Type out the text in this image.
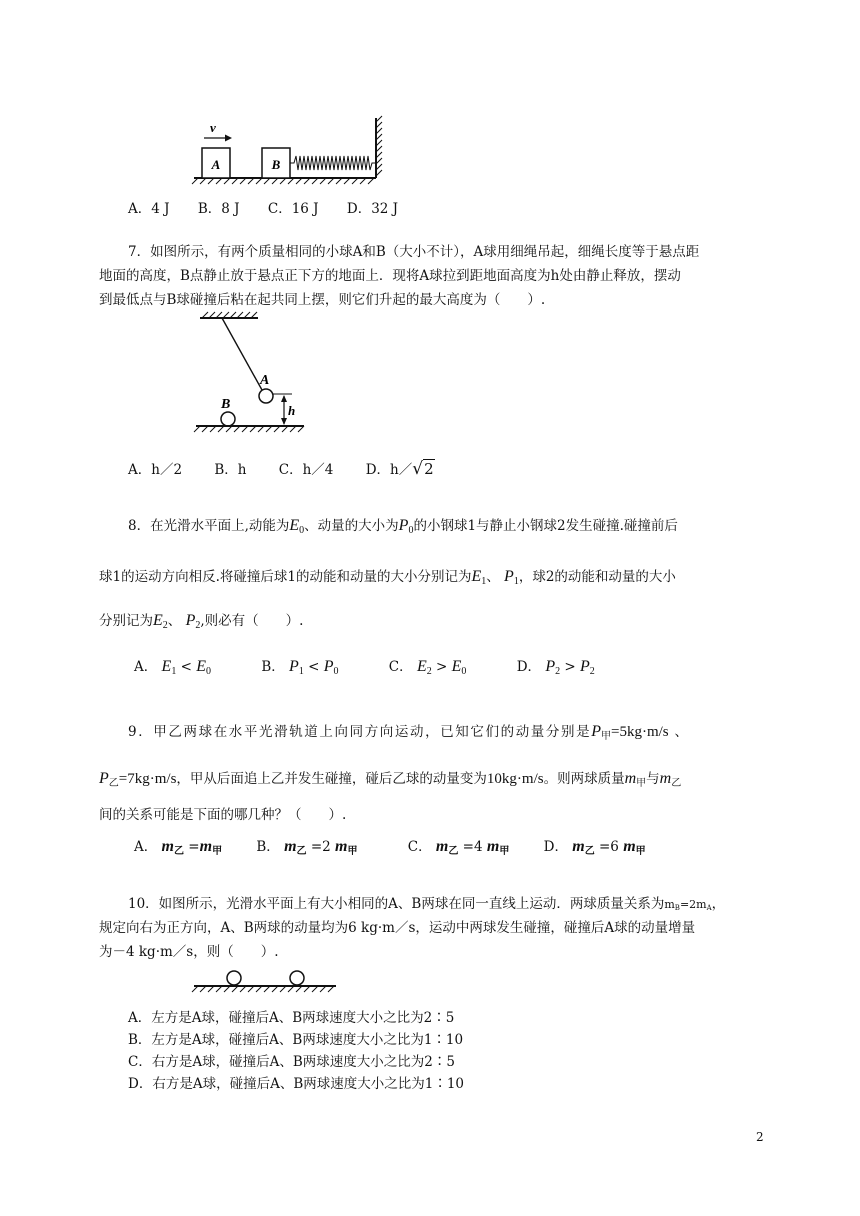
A
v
B
A．4 J B．8 J C．16 J D．32 J
7．如图所示，有两个质量相同的小球A和B（大小不计），A球用细绳吊起，细绳长度等于悬点距
地面的高度，B点静止放于悬点正下方的地面上．现将A球拉到距地面高度为h处由静止释放，摆动
到最低点与B球碰撞后粘在起共同上摆，则它们升起的最大高度为（　　）.
A
h
B
A．h／2 B．h C．h／4 D．h／√2
8．在光滑水平面上,动能为$E_0$、动量的大小为$P_0$的小钢球1与静止小钢球2发生碰撞.碰撞前后
球1的运动方向相反.将碰撞后球1的动能和动量的大小分别记为$E_1$、 $P_1$，球2的动能和动量的大小
分别记为$E_2$、 $P_2$,则必有（　　）.
A． $E_1 < E_0$	B． $P_1 < P_0$	C． $E_2 > E_0$	D． $P_2 > P_2$
9．甲乙两球在水平光滑轨道上向同方向运动，已知它们的动量分别是$P_甲=5kg\cdot m/s$ 、
$P_乙=7kg\cdot m/s$，甲从后面追上乙并发生碰撞，碰后乙球的动量变为10kg·m/s。则两球质量$m_甲$与$m_乙$
间的关系可能是下面的哪几种？（　　）.
A． $m_乙 =m_甲$	B． $m_乙 =2$ $m_甲$	C． $m_乙 =4$ $m_甲$	D． $m_乙 =6$ $m_甲$
10．如图所示，光滑水平面上有大小相同的A、B两球在同一直线上运动．两球质量关系为$m_B=2m_A$，
规定向右为正方向，A、B两球的动量均为6 kg·m／s，运动中两球发生碰撞，碰撞后A球的动量增量
为－4 kg·m／s，则（　　）.
A．左方是A球，碰撞后A、B两球速度大小之比为2∶5
B．左方是A球，碰撞后A、B两球速度大小之比为1∶10
C．右方是A球，碰撞后A、B两球速度大小之比为2∶5
D．右方是A球，碰撞后A、B两球速度大小之比为1∶10
2
